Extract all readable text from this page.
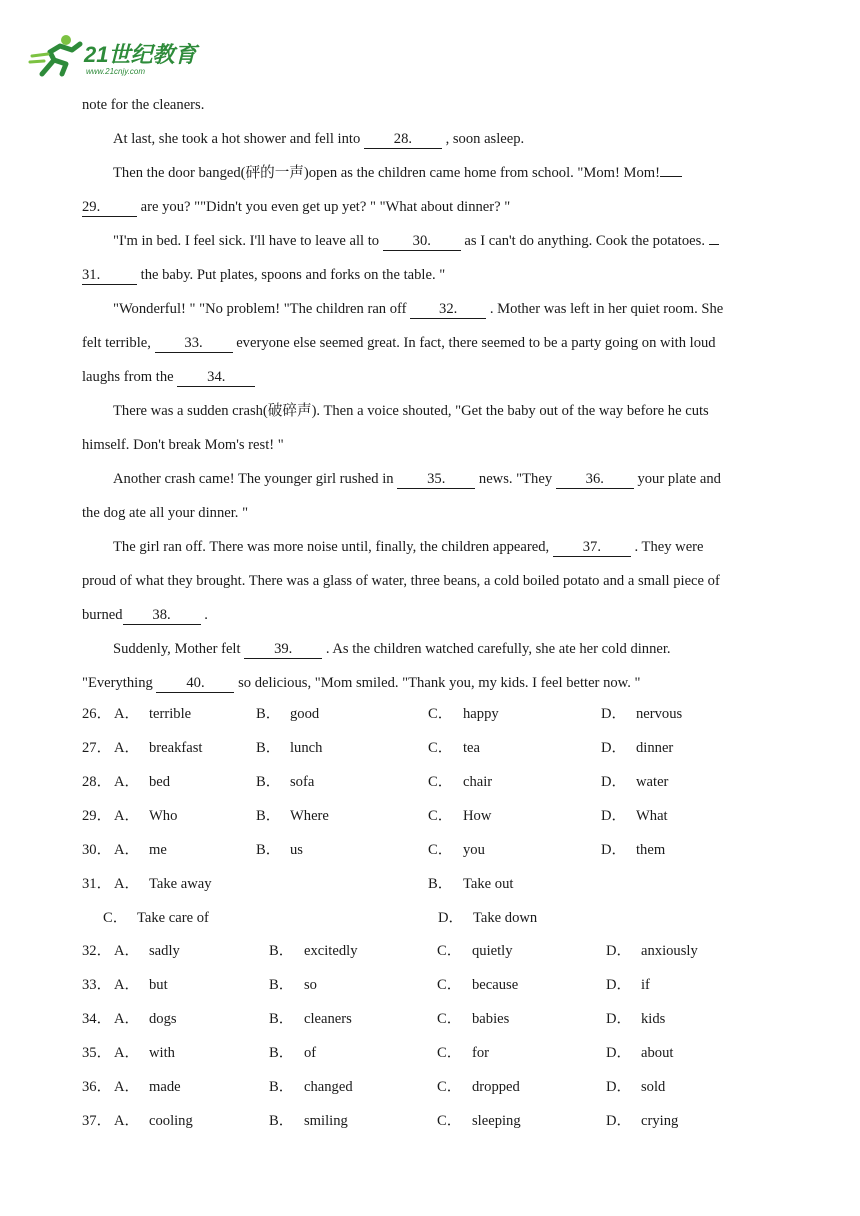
21世纪教育
www.21cnjy.com
note for the cleaners.
At last, she took a hot shower and fell into 28. , soon asleep.
Then the door banged(砰的一声)open as the children came home from school. "Mom! Mom!
29.	are you? ""Didn't you even get up yet? " "What about dinner? "
"I'm in bed. I feel sick. I'll have to leave all to 30. as I can't do anything. Cook the potatoes.
31.	the baby. Put plates, spoons and forks on the table. "
"Wonderful! " "No problem! "The children ran off 32. . Mother was left in her quiet room. She
felt terrible, 33. everyone else seemed great. In fact, there seemed to be a party going on with loud
laughs from the 34.
There was a sudden crash(破碎声). Then a voice shouted, "Get the baby out of the way before he cuts
himself. Don't break Mom's rest! "
Another crash came! The younger girl rushed in 35. news. "They 36. your plate and
the dog ate all your dinner. "
The girl ran off. There was more noise until, finally, the children appeared, 37. . They were
proud of what they brought. There was a glass of water, three beans, a cold boiled potato and a small piece of
burned 38. .
Suddenly, Mother felt 39. . As the children watched carefully, she ate her cold dinner.
"Everything 40. so delicious, "Mom smiled. "Thank you, my kids. I feel better now. "
26． A． terrible	B． good	C． happy	D． nervous
27． A． breakfast	B． lunch	C． tea	D． dinner
28． A． bed	B． sofa	C． chair	D． water
29． A． Who	B． Where	C． How	D． What
30． A． me	B． us	C． you	D． them
31． A． Take away	B． Take out
C． Take care of	D． Take down
32． A． sadly	B． excitedly	C． quietly	D． anxiously
33． A． but	B． so	C． because	D． if
34． A． dogs	B． cleaners	C． babies	D． kids
35． A． with	B． of	C． for	D． about
36． A． made	B． changed	C． dropped	D． sold
37． A． cooling	B． smiling	C． sleeping	D． crying
